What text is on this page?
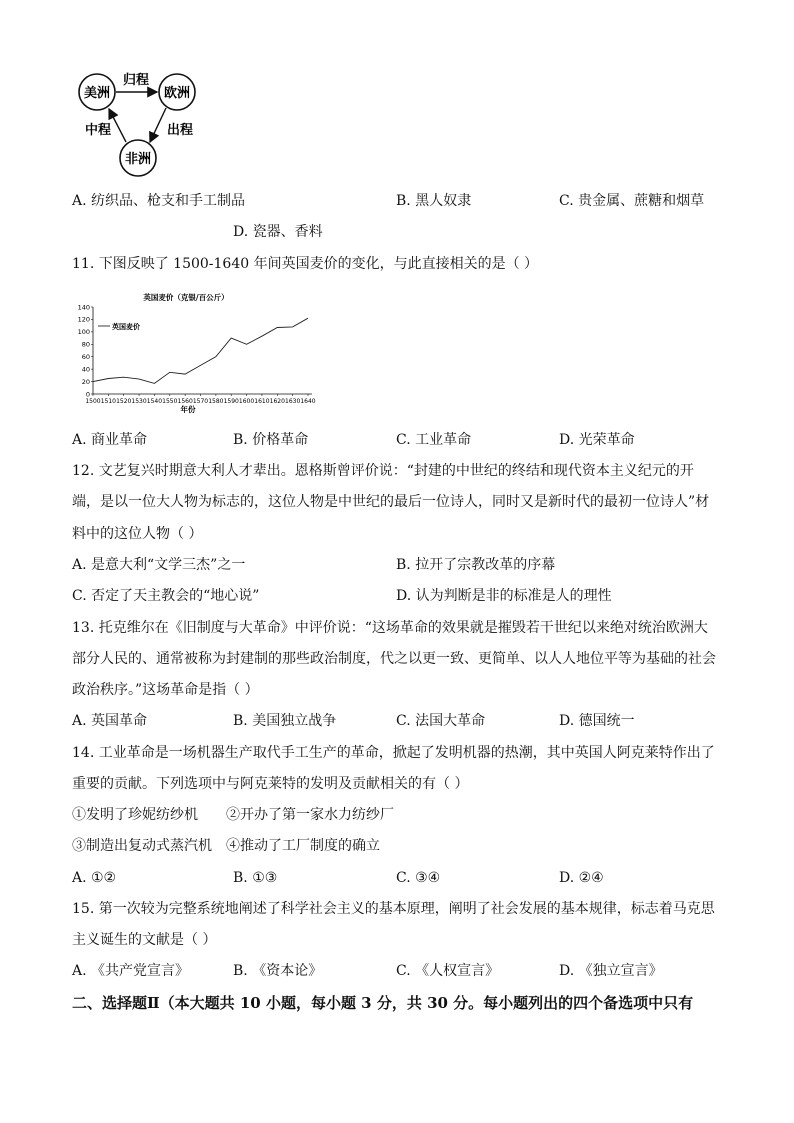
美洲	欧洲
非洲
归程
出程
中程
A. 纺织品、枪支和手工制品	B. 黑人奴隶	C. 贵金属、蔗糖和烟草
D. 瓷器、香料
11. 下图反映了 1500-1640 年间英国麦价的变化，与此直接相关的是（ ）
英国麦价（克银/百公斤）
0
20
40
60
80
100
120
140
1500 1510 1520 1530 1540 1550 1560 1570 1580 1590 1600 1610 1620 1630 1640
英国麦价
年份
A. 商业革命	B. 价格革命	C. 工业革命	D. 光荣革命
12. 文艺复兴时期意大利人才辈出。恩格斯曾评价说：“封建的中世纪的终结和现代资本主义纪元的开
端，是以一位大人物为标志的，这位人物是中世纪的最后一位诗人，同时又是新时代的最初一位诗人”材
料中的这位人物（ ）
A. 是意大利“文学三杰”之一	B. 拉开了宗教改革的序幕
C. 否定了天主教会的“地心说”	D. 认为判断是非的标准是人的理性
13. 托克维尔在《旧制度与大革命》中评价说：“这场革命的效果就是摧毁若干世纪以来绝对统治欧洲大
部分人民的、通常被称为封建制的那些政治制度，代之以更一致、更简单、以人人地位平等为基础的社会
政治秩序。”这场革命是指（ ）
A. 英国革命	B. 美国独立战争	C. 法国大革命	D. 德国统一
14. 工业革命是一场机器生产取代手工生产的革命，掀起了发明机器的热潮，其中英国人阿克莱特作出了
重要的贡献。下列选项中与阿克莱特的发明及贡献相关的有（ ）
①发明了珍妮纺纱机 ②开办了第一家水力纺纱厂
③制造出复动式蒸汽机 ④推动了工厂制度的确立
A. ①②	B. ①③	C. ③④	D. ②④
15. 第一次较为完整系统地阐述了科学社会主义的基本原理，阐明了社会发展的基本规律，标志着马克思
主义诞生的文献是（ ）
A. 《共产党宣言》	B. 《资本论》	C. 《人权宣言》	D. 《独立宣言》
二、选择题Ⅱ（本大题共 10 小题，每小题 3 分，共 30 分。每小题列出的四个备选项中只有
